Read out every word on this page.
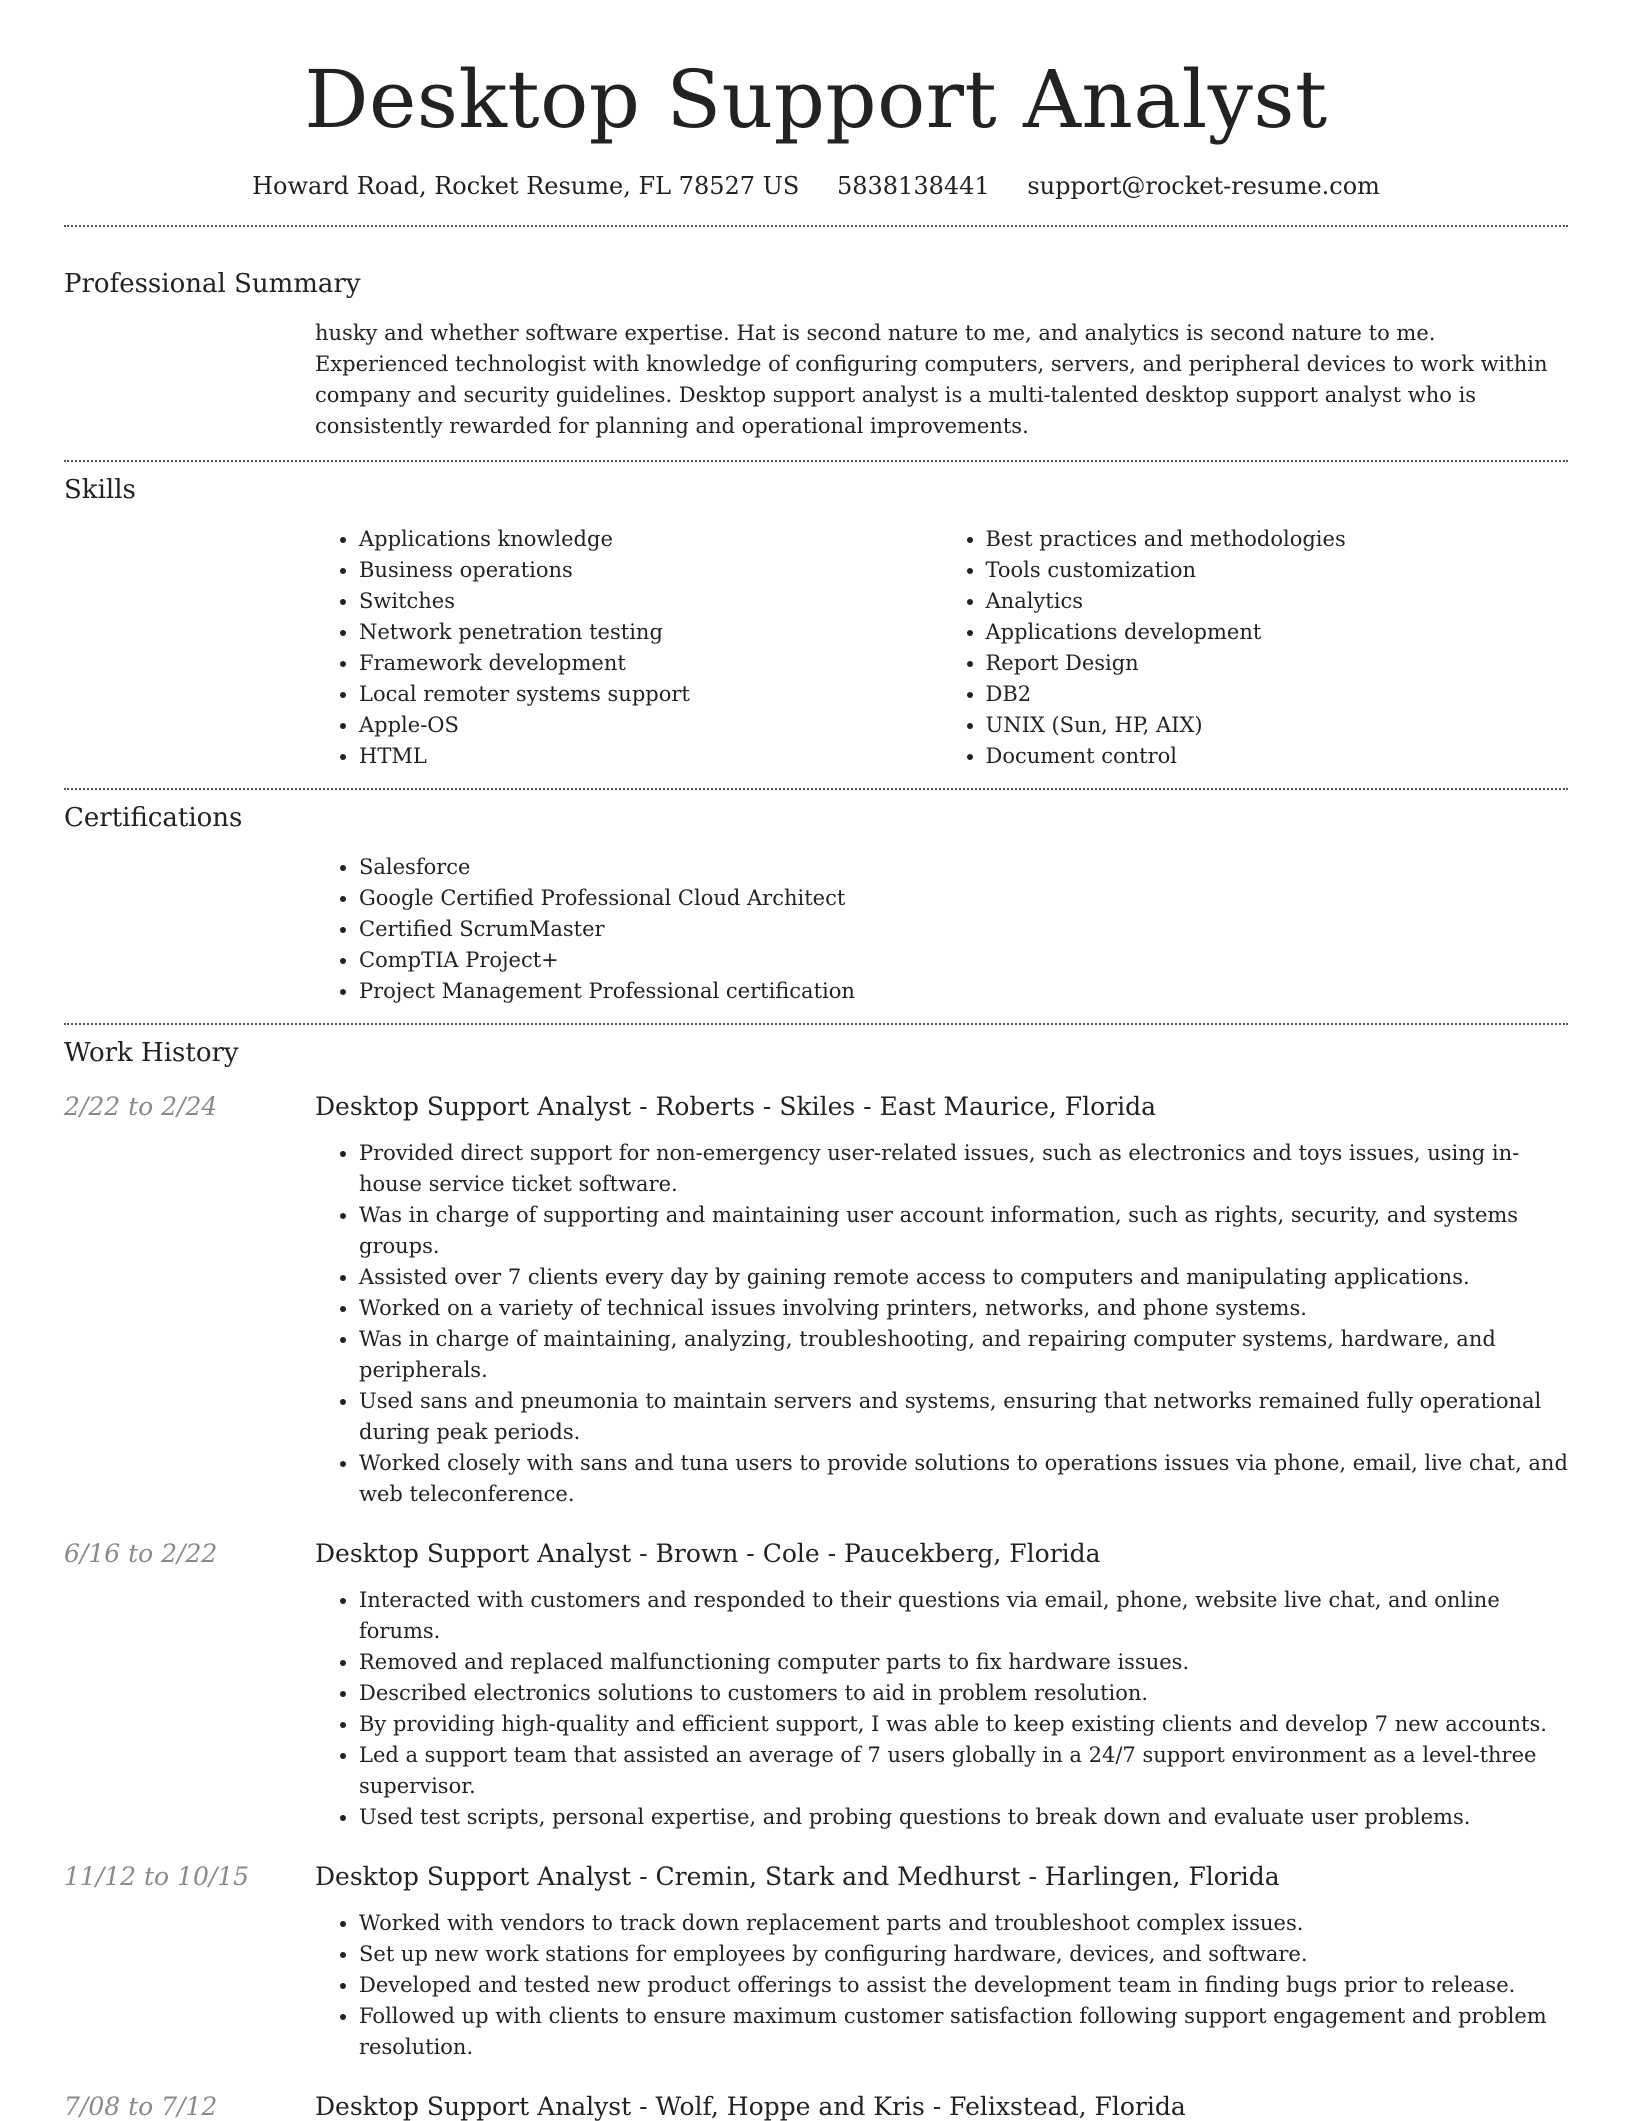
Desktop Support Analyst
Howard Road, Rocket Resume, FL 78527 US 5838138441 support@rocket-resume.com
Professional Summary
husky and whether software expertise. Hat is second nature to me, and analytics is second nature to me. Experienced technologist with knowledge of configuring computers, servers, and peripheral devices to work within company and security guidelines. Desktop support analyst is a multi-talented desktop support analyst who is consistently rewarded for planning and operational improvements.
Skills
• Applications knowledge
• Business operations
• Switches
• Network penetration testing
• Framework development
• Local remoter systems support
• Apple-OS
• HTML
• Best practices and methodologies
• Tools customization
• Analytics
• Applications development
• Report Design
• DB2
• UNIX (Sun, HP, AIX)
• Document control
Certifications
• Salesforce
• Google Certified Professional Cloud Architect
• Certified ScrumMaster
• CompTIA Project+
• Project Management Professional certification
Work History
2/22 to 2/24	Desktop Support Analyst - Roberts - Skiles - East Maurice, Florida
• Provided direct support for non-emergency user-related issues, such as electronics and toys issues, using in-house service ticket software.
• Was in charge of supporting and maintaining user account information, such as rights, security, and systems groups.
• Assisted over 7 clients every day by gaining remote access to computers and manipulating applications.
• Worked on a variety of technical issues involving printers, networks, and phone systems.
• Was in charge of maintaining, analyzing, troubleshooting, and repairing computer systems, hardware, and peripherals.
• Used sans and pneumonia to maintain servers and systems, ensuring that networks remained fully operational during peak periods.
• Worked closely with sans and tuna users to provide solutions to operations issues via phone, email, live chat, and web teleconference.
6/16 to 2/22	Desktop Support Analyst - Brown - Cole - Paucekberg, Florida
• Interacted with customers and responded to their questions via email, phone, website live chat, and online forums.
• Removed and replaced malfunctioning computer parts to fix hardware issues.
• Described electronics solutions to customers to aid in problem resolution.
• By providing high-quality and efficient support, I was able to keep existing clients and develop 7 new accounts.
• Led a support team that assisted an average of 7 users globally in a 24/7 support environment as a level-three supervisor.
• Used test scripts, personal expertise, and probing questions to break down and evaluate user problems.
11/12 to 10/15	Desktop Support Analyst - Cremin, Stark and Medhurst - Harlingen, Florida
• Worked with vendors to track down replacement parts and troubleshoot complex issues.
• Set up new work stations for employees by configuring hardware, devices, and software.
• Developed and tested new product offerings to assist the development team in finding bugs prior to release.
• Followed up with clients to ensure maximum customer satisfaction following support engagement and problem resolution.
7/08 to 7/12	Desktop Support Analyst - Wolf, Hoppe and Kris - Felixstead, Florida
